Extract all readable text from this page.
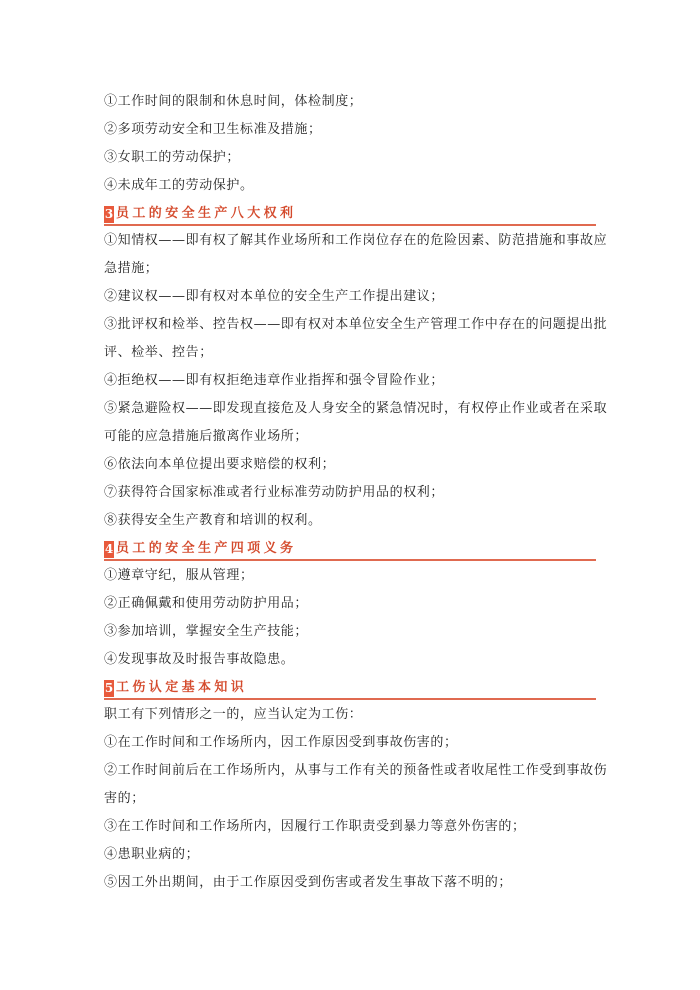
①工作时间的限制和休息时间，体检制度；
②多项劳动安全和卫生标准及措施；
③女职工的劳动保护；
④未成年工的劳动保护。
3 员工的安全生产八大权利
①知情权——即有权了解其作业场所和工作岗位存在的危险因素、防范措施和事故应
急措施；
②建议权——即有权对本单位的安全生产工作提出建议；
③批评权和检举、控告权——即有权对本单位安全生产管理工作中存在的问题提出批
评、检举、控告；
④拒绝权——即有权拒绝违章作业指挥和强令冒险作业；
⑤紧急避险权——即发现直接危及人身安全的紧急情况时，有权停止作业或者在采取
可能的应急措施后撤离作业场所；
⑥依法向本单位提出要求赔偿的权利；
⑦获得符合国家标准或者行业标准劳动防护用品的权利；
⑧获得安全生产教育和培训的权利。
4 员工的安全生产四项义务
①遵章守纪，服从管理；
②正确佩戴和使用劳动防护用品；
③参加培训，掌握安全生产技能；
④发现事故及时报告事故隐患。
5 工伤认定基本知识
职工有下列情形之一的，应当认定为工伤：
①在工作时间和工作场所内，因工作原因受到事故伤害的；
②工作时间前后在工作场所内，从事与工作有关的预备性或者收尾性工作受到事故伤
害的；
③在工作时间和工作场所内，因履行工作职责受到暴力等意外伤害的；
④患职业病的；
⑤因工外出期间，由于工作原因受到伤害或者发生事故下落不明的；
